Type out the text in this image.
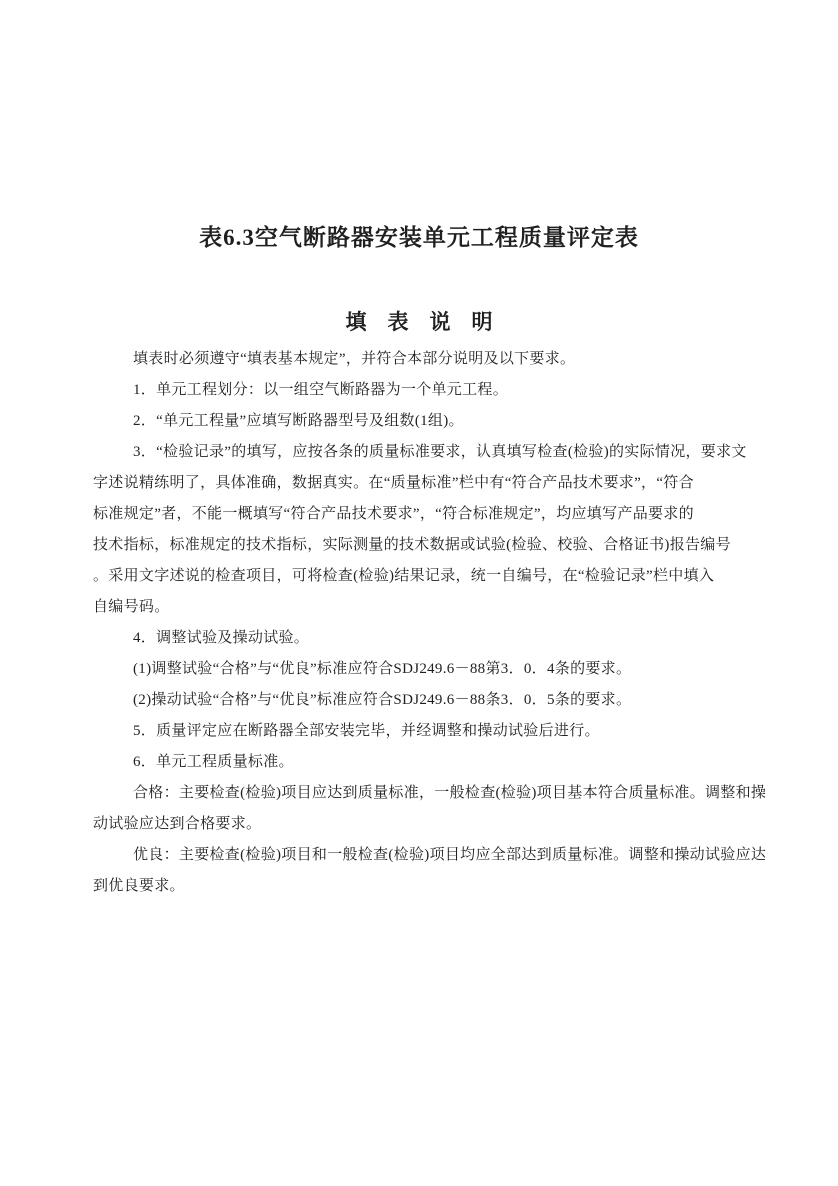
表6.3空气断路器安装单元工程质量评定表
填　表　说　明
填表时必须遵守“填表基本规定”，并符合本部分说明及以下要求。
1．单元工程划分：以一组空气断路器为一个单元工程。
2．“单元工程量”应填写断路器型号及组数(1组)。
3．“检验记录”的填写，应按各条的质量标准要求，认真填写检查(检验)的实际情况，要求文
字述说精练明了，具体准确，数据真实。在“质量标准”栏中有“符合产品技术要求”，“符合
标准规定”者，不能一概填写“符合产品技术要求”，“符合标准规定”，均应填写产品要求的
技术指标，标准规定的技术指标，实际测量的技术数据或试验(检验、校验、合格证书)报告编号
。采用文字述说的检查项目，可将检查(检验)结果记录，统一自编号，在“检验记录”栏中填入
自编号码。
4．调整试验及操动试验。
(1)调整试验“合格”与“优良”标准应符合SDJ249.6－88第3．0．4条的要求。
(2)操动试验“合格”与“优良”标准应符合SDJ249.6－88条3．0．5条的要求。
5．质量评定应在断路器全部安装完毕，并经调整和操动试验后进行。
6．单元工程质量标准。
合格：主要检查(检验)项目应达到质量标准，一般检查(检验)项目基本符合质量标准。调整和操
动试验应达到合格要求。
优良：主要检查(检验)项目和一般检查(检验)项目均应全部达到质量标准。调整和操动试验应达
到优良要求。
